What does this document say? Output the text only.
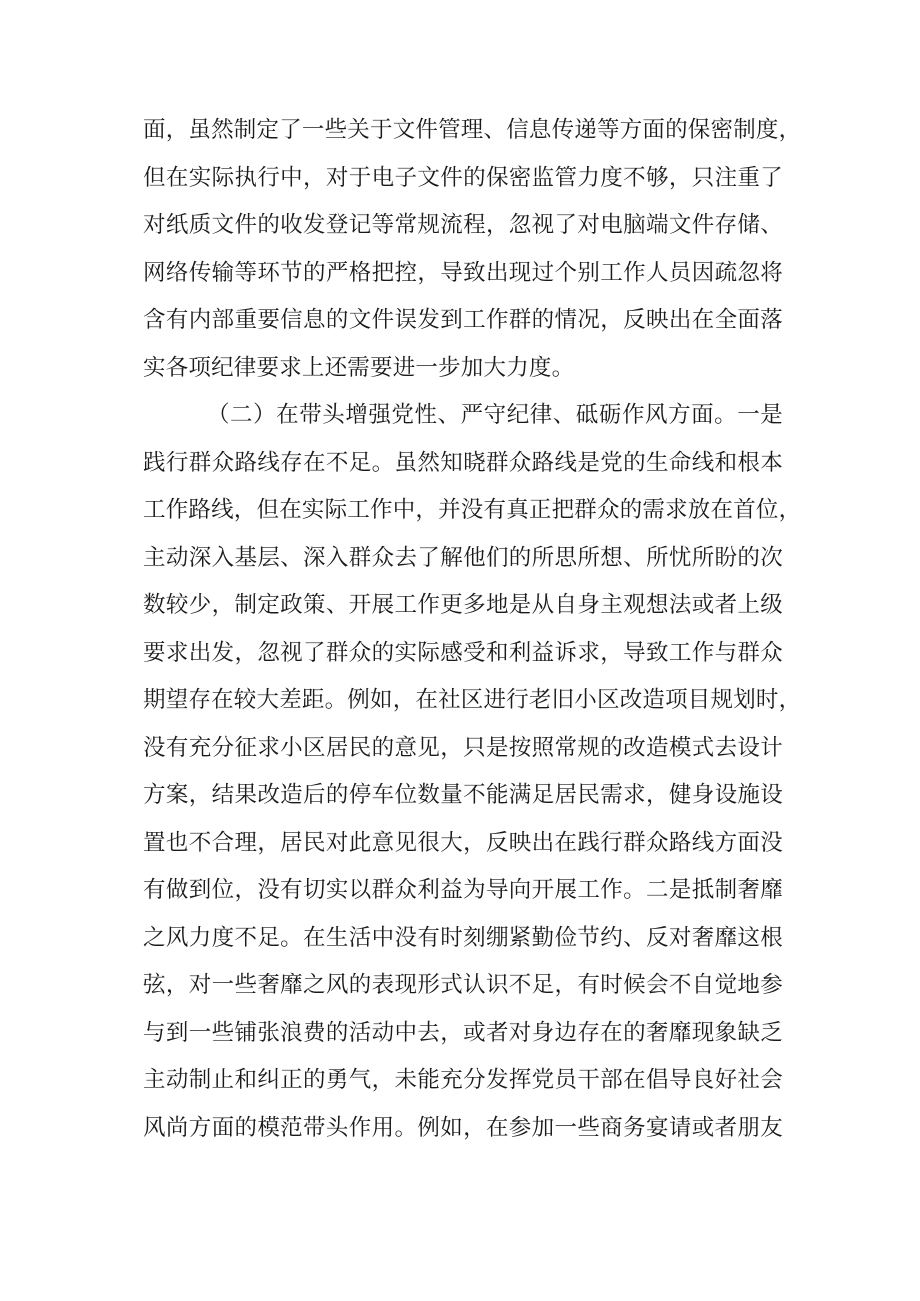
面，虽然制定了一些关于文件管理、信息传递等方面的保密制度，
但在实际执行中，对于电子文件的保密监管力度不够，只注重了
对纸质文件的收发登记等常规流程，忽视了对电脑端文件存储、
网络传输等环节的严格把控，导致出现过个别工作人员因疏忽将
含有内部重要信息的文件误发到工作群的情况，反映出在全面落
实各项纪律要求上还需要进一步加大力度。
（二）在带头增强党性、严守纪律、砥砺作风方面。一是
践行群众路线存在不足。虽然知晓群众路线是党的生命线和根本
工作路线，但在实际工作中，并没有真正把群众的需求放在首位，
主动深入基层、深入群众去了解他们的所思所想、所忧所盼的次
数较少，制定政策、开展工作更多地是从自身主观想法或者上级
要求出发，忽视了群众的实际感受和利益诉求，导致工作与群众
期望存在较大差距。例如，在社区进行老旧小区改造项目规划时，
没有充分征求小区居民的意见，只是按照常规的改造模式去设计
方案，结果改造后的停车位数量不能满足居民需求，健身设施设
置也不合理，居民对此意见很大，反映出在践行群众路线方面没
有做到位，没有切实以群众利益为导向开展工作。二是抵制奢靡
之风力度不足。在生活中没有时刻绷紧勤俭节约、反对奢靡这根
弦，对一些奢靡之风的表现形式认识不足，有时候会不自觉地参
与到一些铺张浪费的活动中去，或者对身边存在的奢靡现象缺乏
主动制止和纠正的勇气，未能充分发挥党员干部在倡导良好社会
风尚方面的模范带头作用。例如，在参加一些商务宴请或者朋友
